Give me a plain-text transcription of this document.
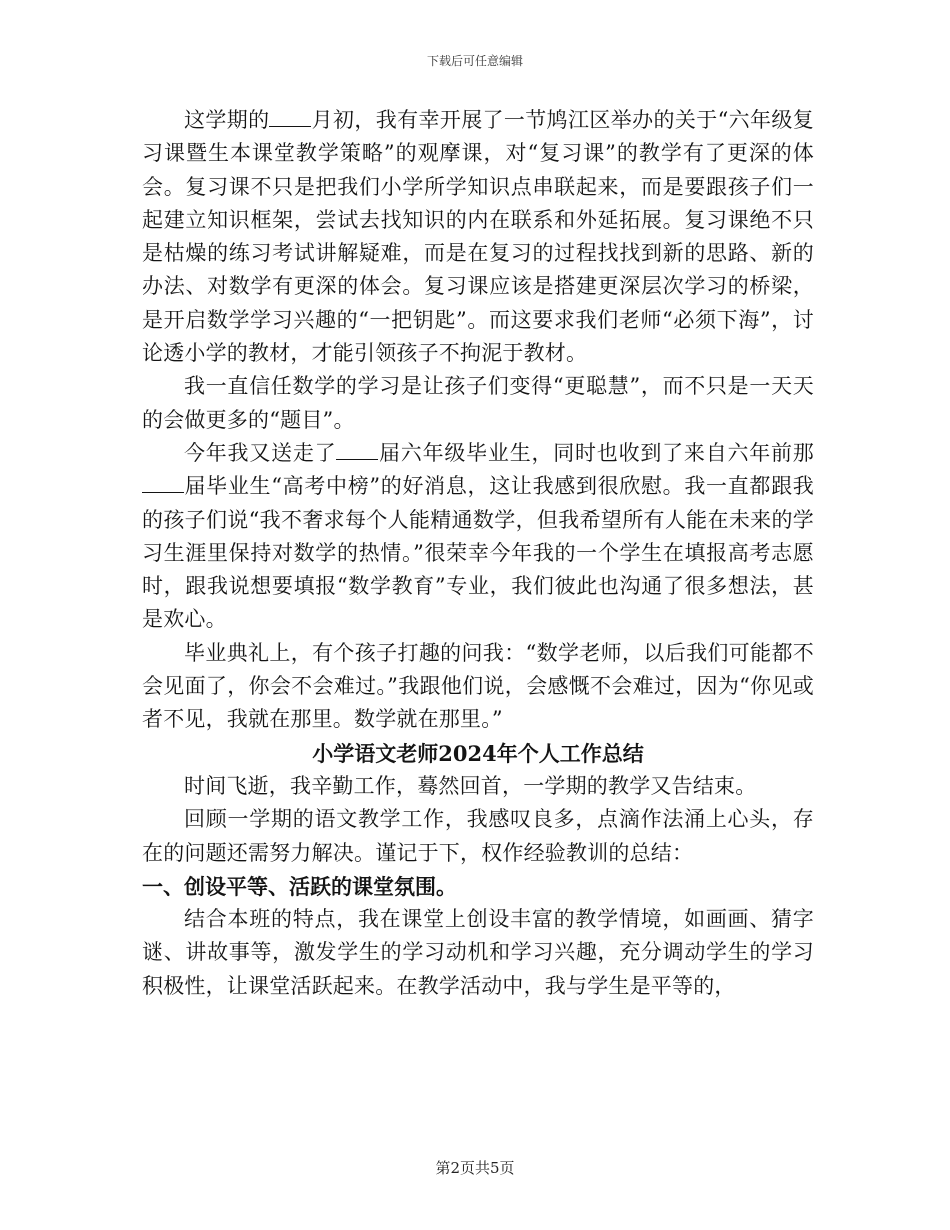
下载后可任意编辑

这学期的 月初，我有幸开展了一节鸠江区举办的关于“六年级复习课暨生本课堂教学策略”的观摩课，对“复习课”的教学有了更深的体会。复习课不只是把我们小学所学知识点串联起来，而是要跟孩子们一起建立知识框架，尝试去找知识的内在联系和外延拓展。复习课绝不只是枯燥的练习考试讲解疑难，而是在复习的过程找找到新的思路、新的办法、对数学有更深的体会。复习课应该是搭建更深层次学习的桥梁，是开启数学学习兴趣的“一把钥匙”。而这要求我们老师“必须下海”，讨论透小学的教材，才能引领孩子不拘泥于教材。

我一直信任数学的学习是让孩子们变得“更聪慧”，而不只是一天天的会做更多的“题目”。

今年我又送走了 届六年级毕业生，同时也收到了来自六年前那届毕业生“高考中榜”的好消息，这让我感到很欣慰。我一直都跟我的孩子们说“我不奢求每个人能精通数学，但我希望所有人能在未来的学习生涯里保持对数学的热情。”很荣幸今年我的一个学生在填报高考志愿时，跟我说想要填报“数学教育”专业，我们彼此也沟通了很多想法，甚是欢心。

毕业典礼上，有个孩子打趣的问我：“数学老师，以后我们可能都不会见面了，你会不会难过。”我跟他们说，会感慨不会难过，因为“你见或者不见，我就在那里。数学就在那里。”

小学语文老师2024年个人工作总结

时间飞逝，我辛勤工作，蓦然回首，一学期的教学又告结束。

回顾一学期的语文教学工作，我感叹良多，点滴作法涌上心头，存在的问题还需努力解决。谨记于下，权作经验教训的总结：

一、创设平等、活跃的课堂氛围。

结合本班的特点，我在课堂上创设丰富的教学情境，如画画、猜字谜、讲故事等，激发学生的学习动机和学习兴趣，充分调动学生的学习积极性，让课堂活跃起来。在教学活动中，我与学生是平等的，

第2页共5页
